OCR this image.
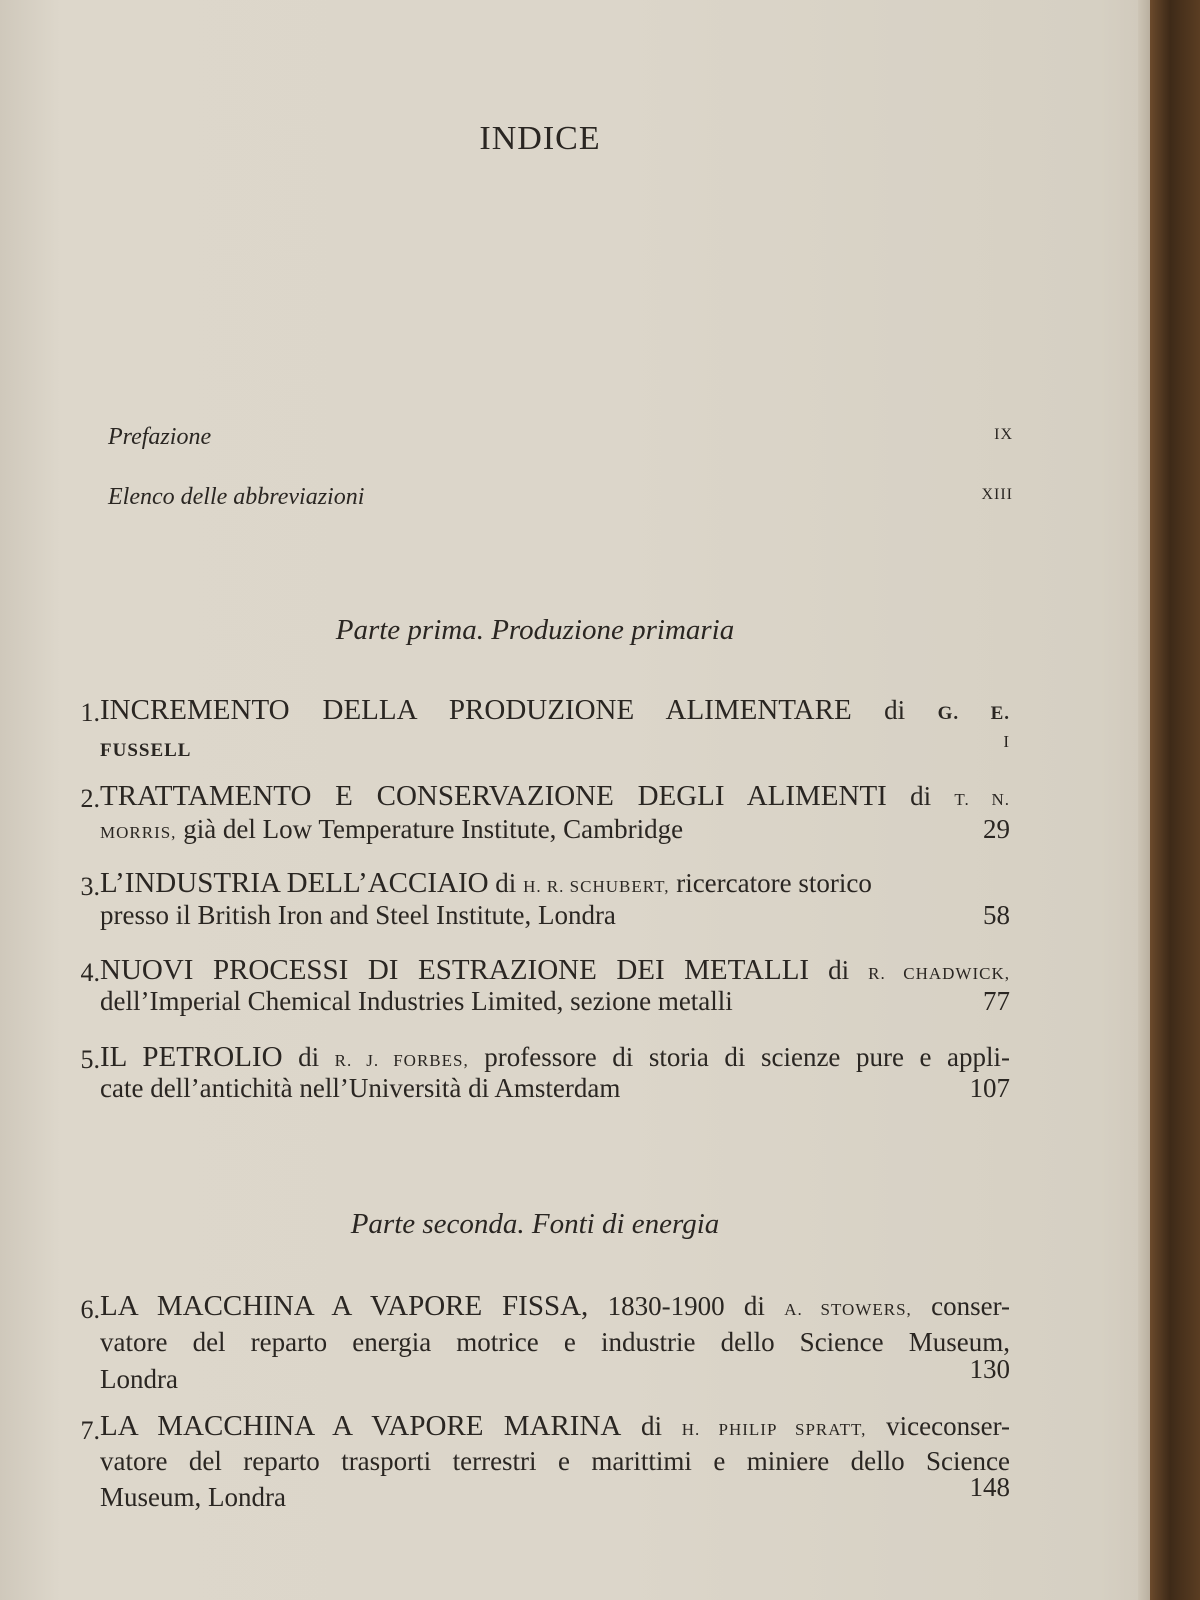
INDICE
Prefazione	IX
Elenco delle abbreviazioni	XIII
Parte prima. Produzione primaria
1. INCREMENTO DELLA PRODUZIONE ALIMENTARE di G. E.
FUSSELL	I
2. TRATTAMENTO E CONSERVAZIONE DEGLI ALIMENTI di T. N.
MORRIS, già del Low Temperature Institute, Cambridge	29
3. L’INDUSTRIA DELL’ACCIAIO di H. R. SCHUBERT, ricercatore storico
presso il British Iron and Steel Institute, Londra	58
4. NUOVI PROCESSI DI ESTRAZIONE DEI METALLI di R. CHADWICK,
dell’Imperial Chemical Industries Limited, sezione metalli	77
5. IL PETROLIO di R. J. FORBES, professore di storia di scienze pure e appli-
cate dell’antichità nell’Università di Amsterdam	107
Parte seconda. Fonti di energia
6. LA MACCHINA A VAPORE FISSA, 1830-1900 di A. STOWERS, conser-
vatore del reparto energia motrice e industrie dello Science Museum,
Londra	130
7. LA MACCHINA A VAPORE MARINA di H. PHILIP SPRATT, viceconser-
vatore del reparto trasporti terrestri e marittimi e miniere dello Science
Museum, Londra	148
